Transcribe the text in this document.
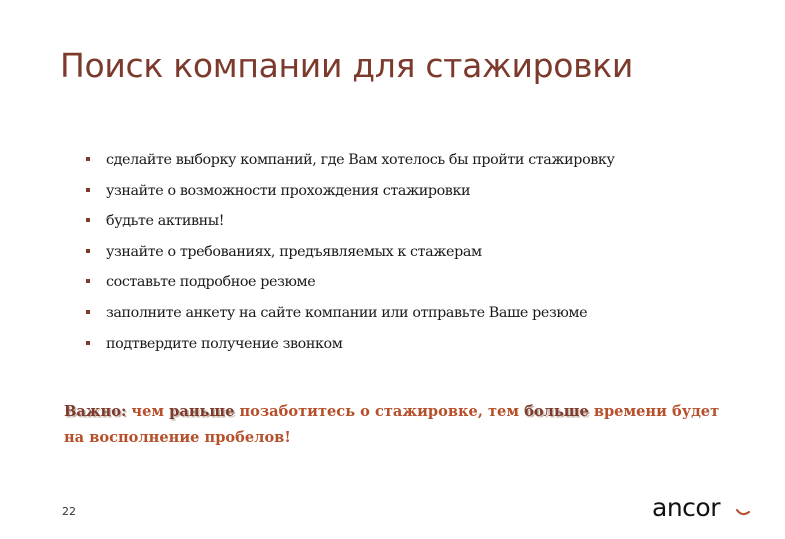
Поиск компании для стажировки
сделайте выборку компаний, где Вам хотелось бы пройти стажировку
узнайте о возможности прохождения стажировки
будьте активны!
узнайте о требованиях, предъявляемых к стажерам
составьте подробное резюме
заполните анкету на сайте компании или отправьте Ваше резюме
подтвердите получение звонком

Важно: чем раньше позаботитесь о стажировке, тем больше времени будет на восполнение пробелов!

22	ancor
